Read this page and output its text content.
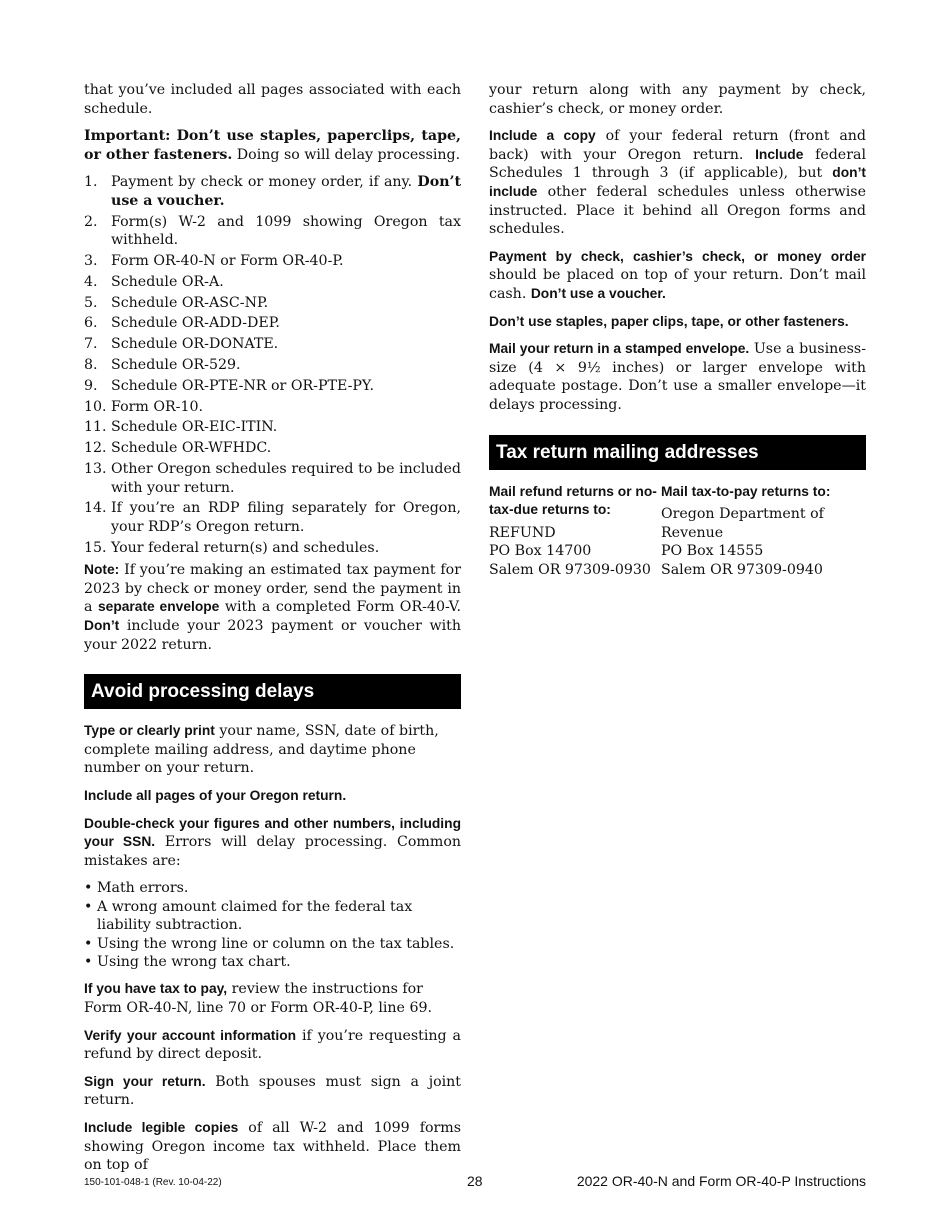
that you’ve included all pages associated with each schedule.

Important: Don’t use staples, paperclips, tape, or other fasteners. Doing so will delay processing.

1. Payment by check or money order, if any. Don’t use a voucher.
2. Form(s) W-2 and 1099 showing Oregon tax withheld.
3. Form OR-40-N or Form OR-40-P.
4. Schedule OR-A.
5. Schedule OR-ASC-NP.
6. Schedule OR-ADD-DEP.
7. Schedule OR-DONATE.
8. Schedule OR-529.
9. Schedule OR-PTE-NR or OR-PTE-PY.
10. Form OR-10.
11. Schedule OR-EIC-ITIN.
12. Schedule OR-WFHDC.
13. Other Oregon schedules required to be included with your return.
14. If you’re an RDP filing separately for Oregon, your RDP’s Oregon return.
15. Your federal return(s) and schedules.

Note: If you’re making an estimated tax payment for 2023 by check or money order, send the payment in a separate envelope with a completed Form OR-40-V. Don’t include your 2023 payment or voucher with your 2022 return.

Avoid processing delays

Type or clearly print your name, SSN, date of birth, complete mailing address, and daytime phone number on your return.

Include all pages of your Oregon return.

Double-check your figures and other numbers, including your SSN. Errors will delay processing. Common mistakes are:

• Math errors.
• A wrong amount claimed for the federal tax liability subtraction.
• Using the wrong line or column on the tax tables.
• Using the wrong tax chart.

If you have tax to pay, review the instructions for Form OR-40-N, line 70 or Form OR-40-P, line 69.

Verify your account information if you’re requesting a refund by direct deposit.

Sign your return. Both spouses must sign a joint return.

Include legible copies of all W-2 and 1099 forms showing Oregon income tax withheld. Place them on top of

your return along with any payment by check, cashier’s check, or money order.

Include a copy of your federal return (front and back) with your Oregon return. Include federal Schedules 1 through 3 (if applicable), but don’t include other federal schedules unless otherwise instructed. Place it behind all Oregon forms and schedules.

Payment by check, cashier’s check, or money order should be placed on top of your return. Don’t mail cash. Don’t use a voucher.

Don’t use staples, paper clips, tape, or other fasteners.

Mail your return in a stamped envelope. Use a business-size (4 × 9½ inches) or larger envelope with adequate postage. Don’t use a smaller envelope—it delays processing.

Tax return mailing addresses
Mail refund returns or no-tax-due returns to:
REFUND
PO Box 14700
Salem OR 97309-0930
Mail tax-to-pay returns to:
Oregon Department of Revenue
PO Box 14555
Salem OR 97309-0940
150-101-048-1 (Rev. 10-04-22)	28	2022 OR-40-N and Form OR-40-P Instructions
